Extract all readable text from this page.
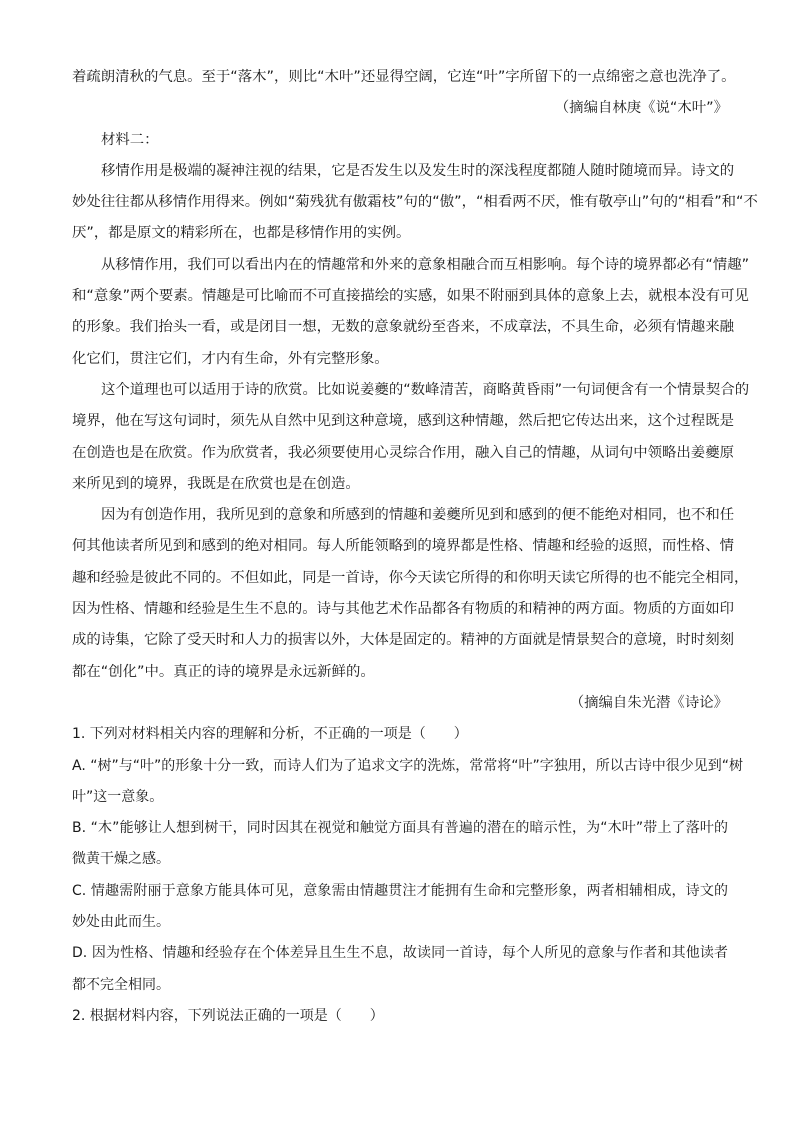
着疏朗清秋的气息。至于“落木”，则比“木叶”还显得空阔，它连“叶”字所留下的一点绵密之意也洗净了。
（摘编自林庚《说“木叶”》
材料二：
移情作用是极端的凝神注视的结果，它是否发生以及发生时的深浅程度都随人随时随境而异。诗文的
妙处往往都从移情作用得来。例如“菊残犹有傲霜枝”句的“傲”，“相看两不厌，惟有敬亭山”句的“相看”和“不
厌”，都是原文的精彩所在，也都是移情作用的实例。
从移情作用，我们可以看出内在的情趣常和外来的意象相融合而互相影响。每个诗的境界都必有“情趣”
和“意象”两个要素。情趣是可比喻而不可直接描绘的实感，如果不附丽到具体的意象上去，就根本没有可见
的形象。我们抬头一看，或是闭目一想，无数的意象就纷至沓来，不成章法，不具生命，必须有情趣来融
化它们，贯注它们，才内有生命，外有完整形象。
这个道理也可以适用于诗的欣赏。比如说姜夔的“数峰清苦，商略黄昏雨”一句词便含有一个情景契合的
境界，他在写这句词时，须先从自然中见到这种意境，感到这种情趣，然后把它传达出来，这个过程既是
在创造也是在欣赏。作为欣赏者，我必须要使用心灵综合作用，融入自己的情趣，从词句中领略出姜夔原
来所见到的境界，我既是在欣赏也是在创造。
因为有创造作用，我所见到的意象和所感到的情趣和姜夔所见到和感到的便不能绝对相同，也不和任
何其他读者所见到和感到的绝对相同。每人所能领略到的境界都是性格、情趣和经验的返照，而性格、情
趣和经验是彼此不同的。不但如此，同是一首诗，你今天读它所得的和你明天读它所得的也不能完全相同，
因为性格、情趣和经验是生生不息的。诗与其他艺术作品都各有物质的和精神的两方面。物质的方面如印
成的诗集，它除了受天时和人力的损害以外，大体是固定的。精神的方面就是情景契合的意境，时时刻刻
都在“创化”中。真正的诗的境界是永远新鲜的。
（摘编自朱光潜《诗论》
1. 下列对材料相关内容的理解和分析，不正确的一项是（　　）
A. “树”与“叶”的形象十分一致，而诗人们为了追求文字的洗炼，常常将“叶”字独用，所以古诗中很少见到“树
叶”这一意象。
B. “木”能够让人想到树干，同时因其在视觉和触觉方面具有普遍的潜在的暗示性，为“木叶”带上了落叶的
微黄干燥之感。
C. 情趣需附丽于意象方能具体可见，意象需由情趣贯注才能拥有生命和完整形象，两者相辅相成，诗文的
妙处由此而生。
D. 因为性格、情趣和经验存在个体差异且生生不息，故读同一首诗，每个人所见的意象与作者和其他读者
都不完全相同。
2. 根据材料内容，下列说法正确的一项是（　　）
